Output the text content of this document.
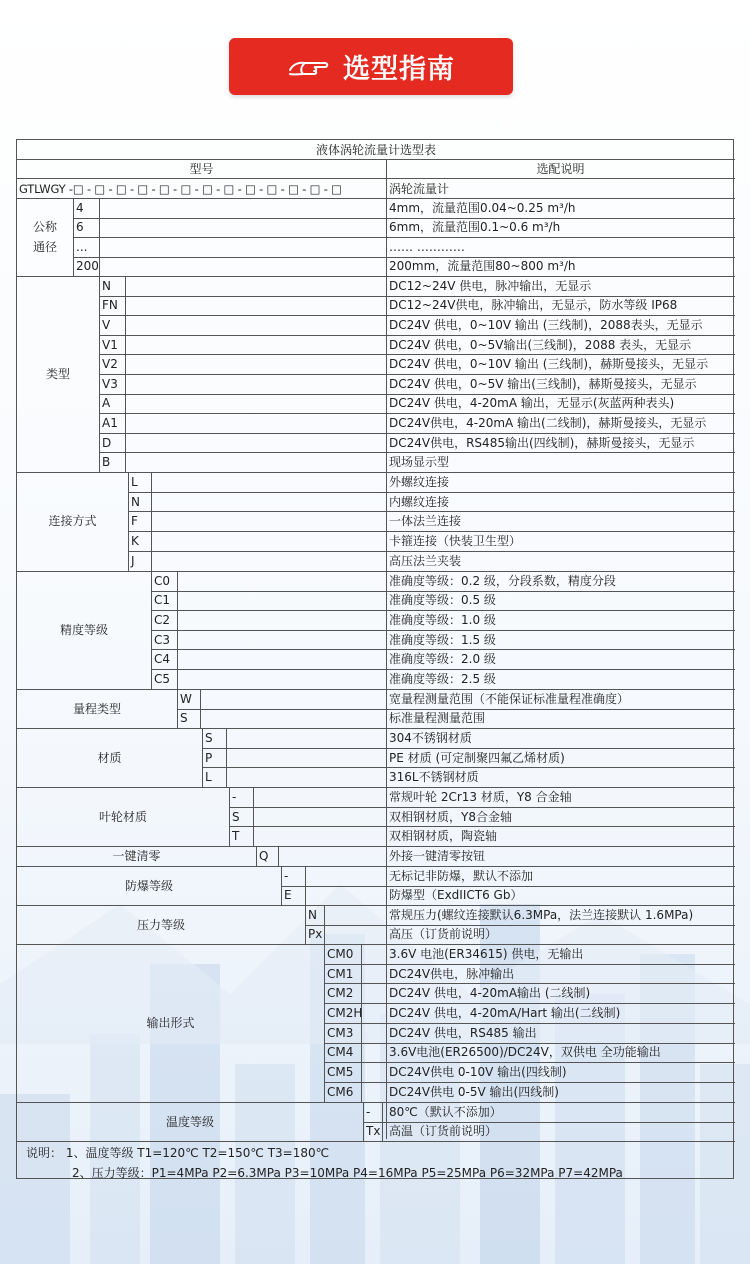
选型指南
液体涡轮流量计选型表
型号	选配说明
GTLWGY -□ - □ - □ - □ - □ - □ - □ - □ - □ - □ - □ - □ - □	涡轮流量计
公称通径
4	4mm，流量范围0.04~0.25 m³/h
6	6mm，流量范围0.1~0.6 m³/h
...	…… …………
200	200mm，流量范围80~800 m³/h
类型
N	DC12~24V 供电，脉冲输出，无显示
FN	DC12~24V供电，脉冲输出，无显示，防水等级 IP68
V	DC24V 供电，0~10V 输出 (三线制)，2088表头，无显示
V1	DC24V 供电，0~5V输出(三线制)，2088 表头，无显示
V2	DC24V 供电，0~10V 输出 (三线制)，赫斯曼接头，无显示
V3	DC24V 供电，0~5V 输出(三线制)，赫斯曼接头，无显示
A	DC24V 供电，4-20mA 输出，无显示(灰蓝两种表头)
A1	DC24V供电，4-20mA 输出(二线制)，赫斯曼接头，无显示
D	DC24V供电，RS485输出(四线制)，赫斯曼接头，无显示
B	现场显示型
连接方式
L	外螺纹连接
N	内螺纹连接
F	一体法兰连接
K	卡箍连接（快装卫生型）
J	高压法兰夹装
精度等级
C0	准确度等级：0.2 级，分段系数，精度分段
C1	准确度等级：0.5 级
C2	准确度等级：1.0 级
C3	准确度等级：1.5 级
C4	准确度等级：2.0 级
C5	准确度等级：2.5 级
量程类型
W	宽量程测量范围（不能保证标准量程准确度）
S	标准量程测量范围
材质
S	304不锈钢材质
P	PE 材质 (可定制聚四氟乙烯材质)
L	316L不锈钢材质
叶轮材质
-	常规叶轮 2Cr13 材质，Y8 合金轴
S	双相钢材质，Y8合金轴
T	双相钢材质，陶瓷轴
一键清零	Q	外接一键清零按钮
防爆等级
-	无标记非防爆，默认不添加
E	防爆型（ExdIICT6 Gb）
压力等级
N	常规压力(螺纹连接默认6.3MPa，法兰连接默认 1.6MPa)
Px	高压（订货前说明）
输出形式
CM0	3.6V 电池(ER34615) 供电，无输出
CM1	DC24V供电，脉冲输出
CM2	DC24V 供电，4-20mA输出 (二线制)
CM2H DC24V 供电，4-20mA/Hart 输出(二线制)
CM3	DC24V 供电，RS485 输出
CM4	3.6V电池(ER26500)/DC24V，双供电 全功能输出
CM5	DC24V供电 0-10V 输出(四线制)
CM6	DC24V供电 0-5V 输出(四线制)
温度等级
- 80℃（默认不添加）
Tx 高温（订货前说明）
说明： 1、温度等级 T1=120℃ T2=150℃ T3=180℃
2、压力等级：P1=4MPa P2=6.3MPa P3=10MPa P4=16MPa P5=25MPa P6=32MPa P7=42MPa
